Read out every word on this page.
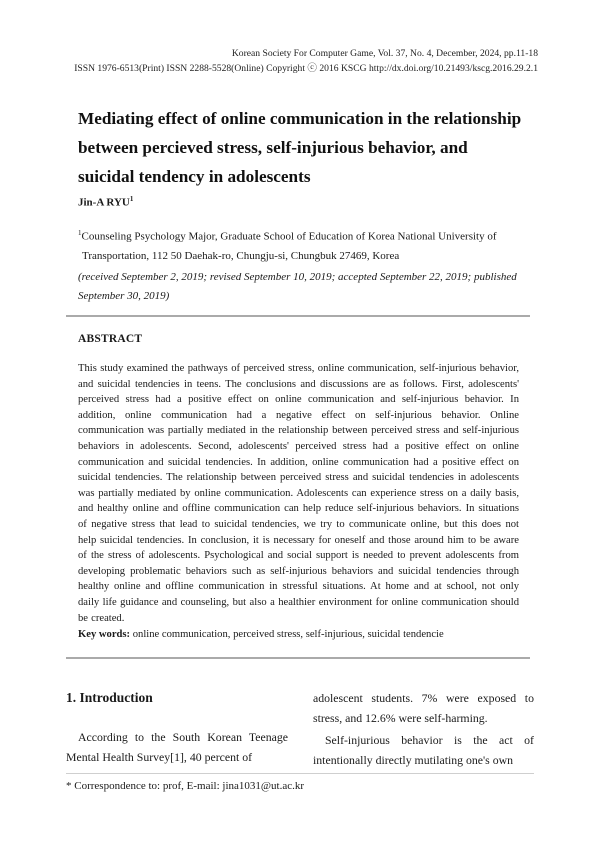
Korean Society For Computer Game, Vol. 37, No. 4, December, 2024, pp.11-18
ISSN 1976-6513(Print) ISSN 2288-5528(Online) Copyright ⓒ 2016 KSCG http://dx.doi.org/10.21493/kscg.2016.29.2.1
Mediating effect of online communication in the relationship between percieved stress, self-injurious behavior, and suicidal tendency in adolescents
Jin-A RYU$^1$
$^1$Counseling Psychology Major, Graduate School of Education of Korea National University of
Transportation, 112 50 Daehak-ro, Chungju-si, Chungbuk 27469, Korea
(received September 2, 2019; revised September 10, 2019; accepted September 22, 2019; published September 30, 2019)
ABSTRACT

This study examined the pathways of perceived stress, online communication, self-injurious behavior, and suicidal tendencies in teens. The conclusions and discussions are as follows. First, adolescents' perceived stress had a positive effect on online communication and self-injurious behavior. In addition, online communication had a negative effect on self-injurious behavior. Online communication was partially mediated in the relationship between perceived stress and self-injurious behaviors in adolescents. Second, adolescents' perceived stress had a positive effect on online communication and suicidal tendencies. In addition, online communication had a positive effect on suicidal tendencies. The relationship between perceived stress and suicidal tendencies in adolescents was partially mediated by online communication. Adolescents can experience stress on a daily basis, and healthy online and offline communication can help reduce self-injurious behaviors. In situations of negative stress that lead to suicidal tendencies, we try to communicate online, but this does not help suicidal tendencies. In conclusion, it is necessary for oneself and those around him to be aware of the stress of adolescents. Psychological and social support is needed to prevent adolescents from developing problematic behaviors such as self-injurious behaviors and suicidal tendencies through healthy online and offline communication in stressful situations. At home and at school, not only daily life guidance and counseling, but also a healthier environment for online communication should be created.

Key words: online communication, perceived stress, self-injurious, suicidal tendencie
1. Introduction

According to the South Korean Teenage Mental Health Survey[1], 40 percent of

adolescent students. 7% were exposed to stress, and 12.6% were self-harming.

Self-injurious behavior is the act of intentionally directly mutilating one's own

* Correspondence to: prof, E-mail: jina1031@ut.ac.kr
